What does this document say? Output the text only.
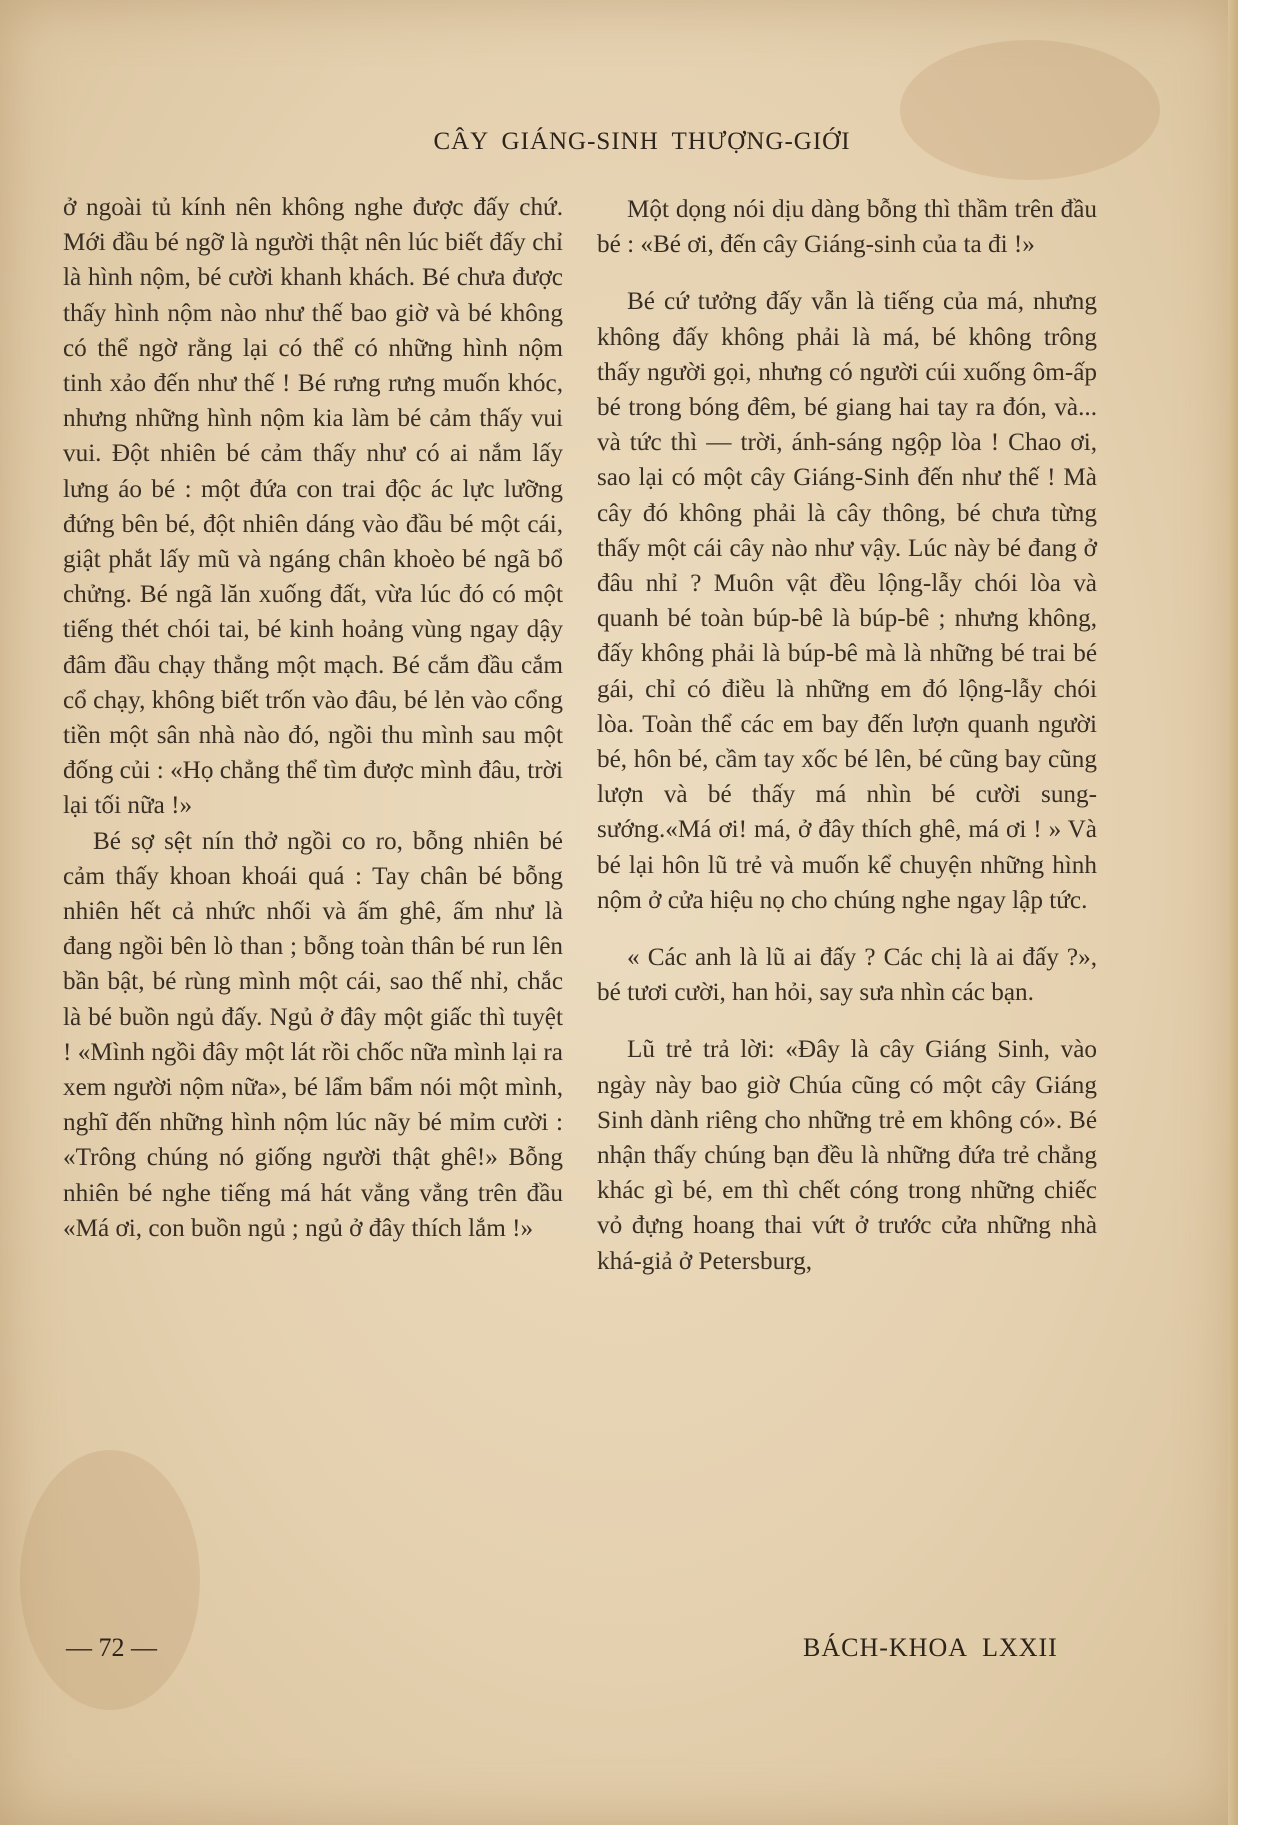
CÂY GIÁNG-SINH THƯỢNG-GIỚI

ở ngoài tủ kính nên không nghe được đấy chứ. Mới đầu bé ngỡ là người thật nên lúc biết đấy chỉ là hình nộm, bé cười khanh khách. Bé chưa được thấy hình nộm nào như thế bao giờ và bé không có thể ngờ rằng lại có thể có những hình nộm tinh xảo đến như thế ! Bé rưng rưng muốn khóc, nhưng những hình nộm kia làm bé cảm thấy vui vui. Đột nhiên bé cảm thấy như có ai nắm lấy lưng áo bé : một đứa con trai độc ác lực lưỡng đứng bên bé, đột nhiên dáng vào đầu bé một cái, giật phắt lấy mũ và ngáng chân khoèo bé ngã bổ chửng. Bé ngã lăn xuống đất, vừa lúc đó có một tiếng thét chói tai, bé kinh hoảng vùng ngay dậy đâm đầu chạy thẳng một mạch. Bé cắm đầu cắm cổ chạy, không biết trốn vào đâu, bé lẻn vào cổng tiền một sân nhà nào đó, ngồi thu mình sau một đống củi : «Họ chẳng thể tìm được mình đâu, trời lại tối nữa !»

Bé sợ sệt nín thở ngồi co ro, bỗng nhiên bé cảm thấy khoan khoái quá : Tay chân bé bỗng nhiên hết cả nhức nhối và ấm ghê, ấm như là đang ngồi bên lò than ; bỗng toàn thân bé run lên bần bật, bé rùng mình một cái, sao thế nhỉ, chắc là bé buồn ngủ đấy. Ngủ ở đây một giấc thì tuyệt ! «Mình ngồi đây một lát rồi chốc nữa mình lại ra xem người nộm nữa», bé lẩm bẩm nói một mình, nghĩ đến những hình nộm lúc nãy bé mỉm cười : «Trông chúng nó giống người thật ghê!» Bỗng nhiên bé nghe tiếng má hát vẳng vẳng trên đầu «Má ơi, con buồn ngủ ; ngủ ở đây thích lắm !»

Một dọng nói dịu dàng bỗng thì thầm trên đầu bé : «Bé ơi, đến cây Giáng-sinh của ta đi !»

Bé cứ tưởng đấy vẫn là tiếng của má, nhưng không đấy không phải là má, bé không trông thấy người gọi, nhưng có người cúi xuống ôm-ấp bé trong bóng đêm, bé giang hai tay ra đón, và... và tức thì — trời, ánh-sáng ngộp lòa ! Chao ơi, sao lại có một cây Giáng-Sinh đến như thế ! Mà cây đó không phải là cây thông, bé chưa từng thấy một cái cây nào như vậy. Lúc này bé đang ở đâu nhỉ ? Muôn vật đều lộng-lẫy chói lòa và quanh bé toàn búp-bê là búp-bê ; nhưng không, đấy không phải là búp-bê mà là những bé trai bé gái, chỉ có điều là những em đó lộng-lẫy chói lòa. Toàn thể các em bay đến lượn quanh người bé, hôn bé, cầm tay xốc bé lên, bé cũng bay cũng lượn và bé thấy má nhìn bé cười sung-sướng.«Má ơi! má, ở đây thích ghê, má ơi ! » Và bé lại hôn lũ trẻ và muốn kể chuyện những hình nộm ở cửa hiệu nọ cho chúng nghe ngay lập tức.

« Các anh là lũ ai đấy ? Các chị là ai đấy ?», bé tươi cười, han hỏi, say sưa nhìn các bạn.

Lũ trẻ trả lời: «Đây là cây Giáng Sinh, vào ngày này bao giờ Chúa cũng có một cây Giáng Sinh dành riêng cho những trẻ em không có». Bé nhận thấy chúng bạn đều là những đứa trẻ chẳng khác gì bé, em thì chết cóng trong những chiếc vỏ đựng hoang thai vứt ở trước cửa những nhà khá-giả ở Petersburg,

— 72 —	BÁCH-KHOA LXXII
